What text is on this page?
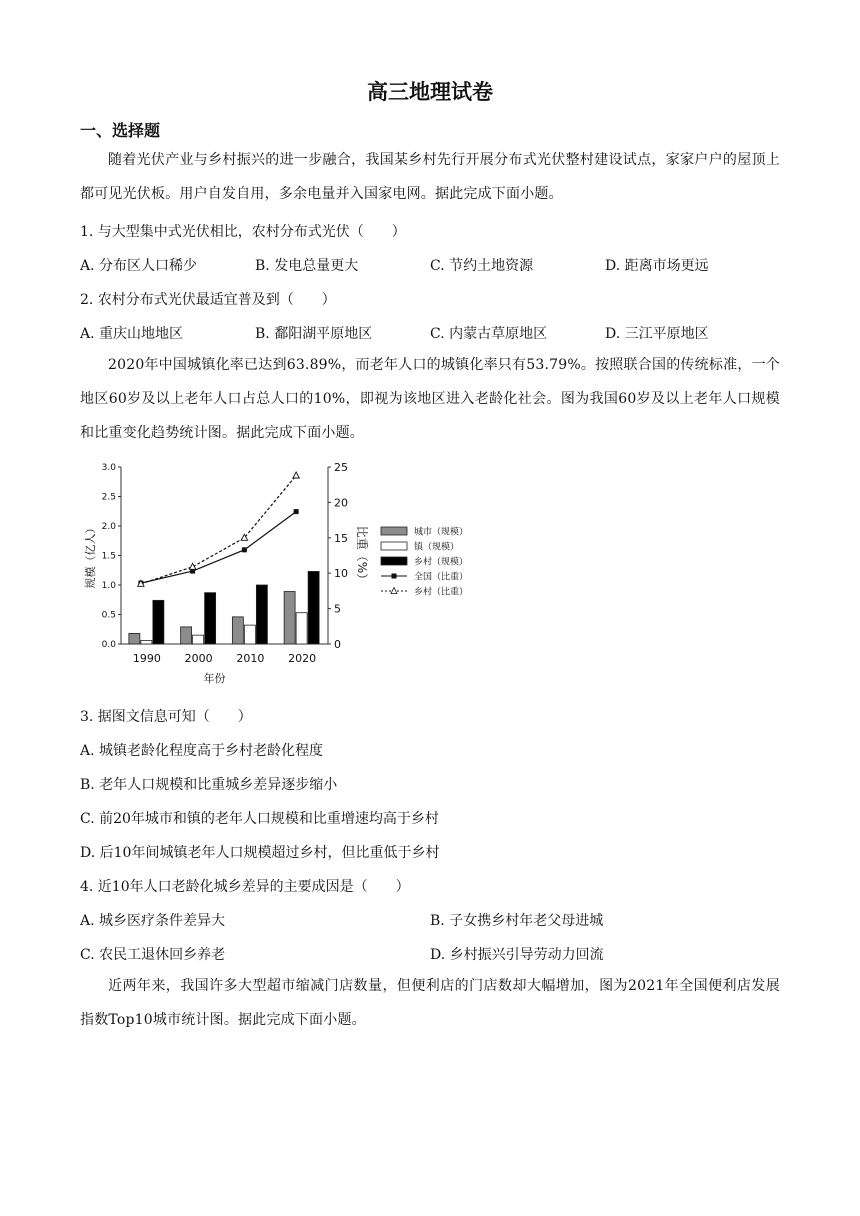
高三地理试卷
一、选择题
随着光伏产业与乡村振兴的进一步融合，我国某乡村先行开展分布式光伏整村建设试点，家家户户的屋顶上都可见光伏板。用户自发自用，多余电量并入国家电网。据此完成下面小题。
1. 与大型集中式光伏相比，农村分布式光伏（　　）
A. 分布区人口稀少	B. 发电总量更大	C. 节约土地资源	D. 距离市场更远
2. 农村分布式光伏最适宜普及到（　　）
A. 重庆山地地区	B. 鄱阳湖平原地区	C. 内蒙古草原地区	D. 三江平原地区
2020年中国城镇化率已达到63.89%，而老年人口的城镇化率只有53.79%。按照联合国的传统标准，一个地区60岁及以上老年人口占总人口的10%，即视为该地区进入老龄化社会。图为我国60岁及以上老年人口规模和比重变化趋势统计图。据此完成下面小题。
0.0
0.5
1.0
1.5
2.0
2.5
3.0
0
5
10
15
20
25
1990 2000 2010 2020
年份
规模（亿人）	比重（%）	城市（规模）
镇（规模）
乡村（规模）
全国（比重）
乡村（比重）
3. 据图文信息可知（　　）
A. 城镇老龄化程度高于乡村老龄化程度
B. 老年人口规模和比重城乡差异逐步缩小
C. 前20年城市和镇的老年人口规模和比重增速均高于乡村
D. 后10年间城镇老年人口规模超过乡村，但比重低于乡村
4. 近10年人口老龄化城乡差异的主要成因是（　　）
A. 城乡医疗条件差异大	B. 子女携乡村年老父母进城
C. 农民工退休回乡养老	D. 乡村振兴引导劳动力回流
近两年来，我国许多大型超市缩减门店数量，但便利店的门店数却大幅增加，图为2021年全国便利店发展指数Top10城市统计图。据此完成下面小题。
